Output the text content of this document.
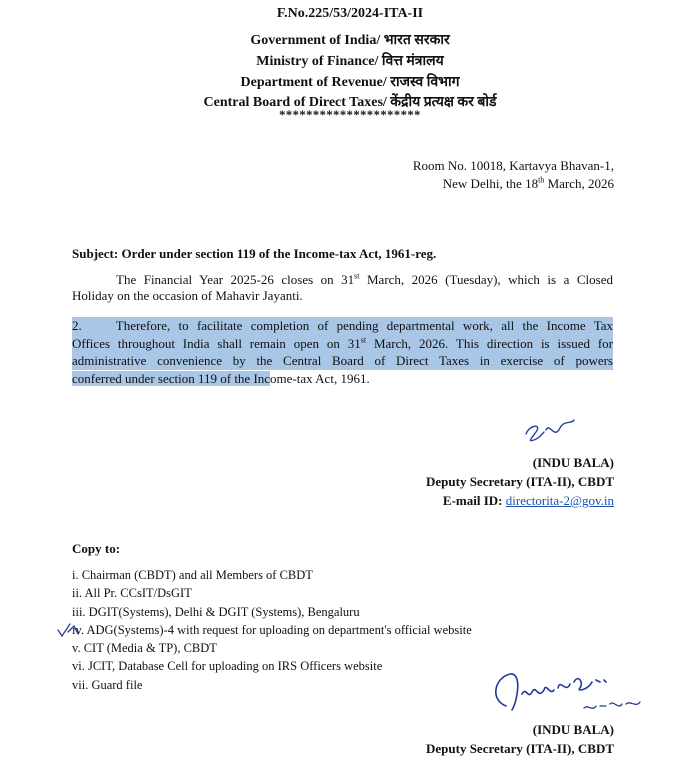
F.No.225/53/2024-ITA-II
Government of India/ भारत सरकार
Ministry of Finance/ वित्त मंत्रालय
Department of Revenue/ राजस्व विभाग
Central Board of Direct Taxes/ केंद्रीय प्रत्यक्ष कर बोर्ड
*********************
Room No. 10018, Kartavya Bhavan-1,
New Delhi, the 18th March, 2026
Subject: Order under section 119 of the Income-tax Act, 1961-reg.
The Financial Year 2025-26 closes on 31st March, 2026 (Tuesday), which is a Closed
Holiday on the occasion of Mahavir Jayanti.
2.	Therefore, to facilitate completion of pending departmental work, all the Income Tax
Offices throughout India shall remain open on 31st March, 2026. This direction is issued for
administrative convenience by the Central Board of Direct Taxes in exercise of powers
conferred under section 119 of the Income-tax Act, 1961.
(INDU BALA)
Deputy Secretary (ITA-II), CBDT
E-mail ID: directorita-2@gov.in
Copy to:
i. Chairman (CBDT) and all Members of CBDT
ii. All Pr. CCsIT/DsGIT
iii. DGIT(Systems), Delhi & DGIT (Systems), Bengaluru
iv. ADG(Systems)-4 with request for uploading on department's official website
v. CIT (Media & TP), CBDT
vi. JCIT, Database Cell for uploading on IRS Officers website
vii. Guard file
(INDU BALA)
Deputy Secretary (ITA-II), CBDT
